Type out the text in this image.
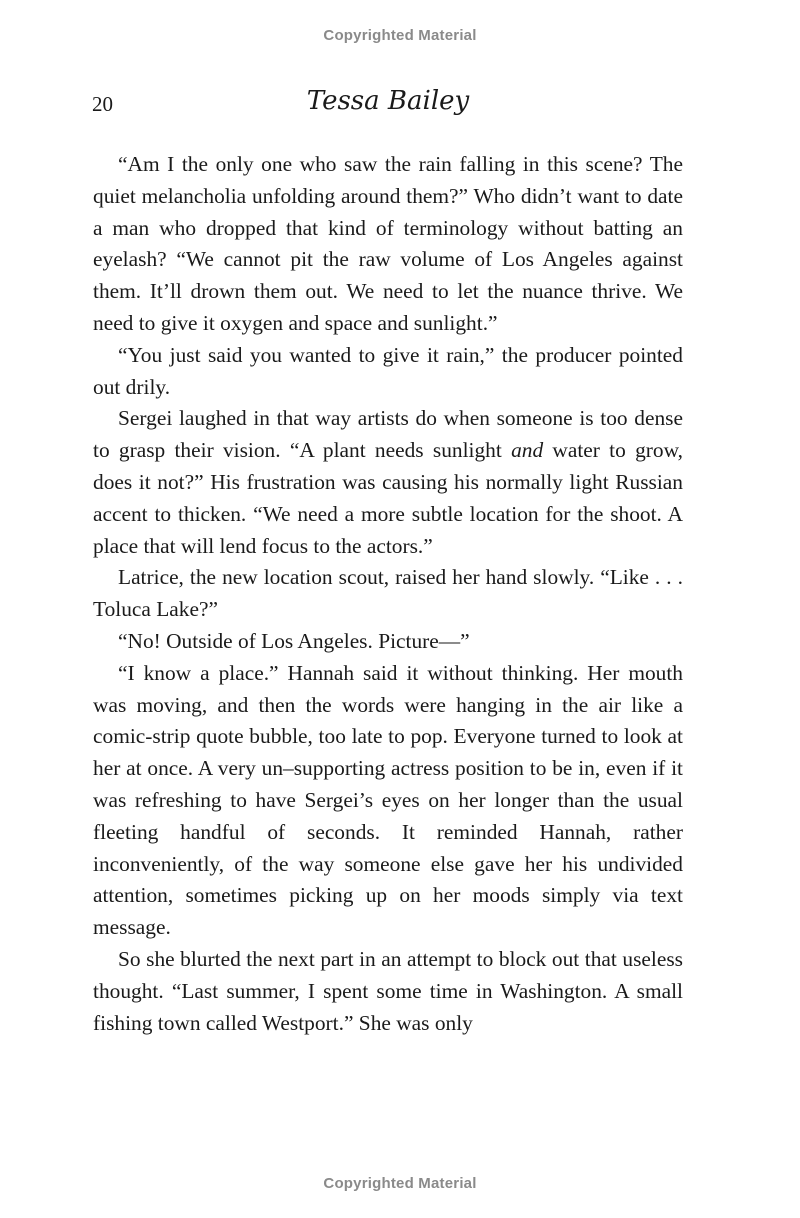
Copyrighted Material
20	Tessa Bailey

“Am I the only one who saw the rain falling in this scene? The quiet melancholia unfolding around them?” Who didn’t want to date a man who dropped that kind of terminology without batting an eyelash? “We cannot pit the raw volume of Los Angeles against them. It’ll drown them out. We need to let the nuance thrive. We need to give it oxygen and space and sunlight.”

“You just said you wanted to give it rain,” the producer pointed out drily.

Sergei laughed in that way artists do when someone is too dense to grasp their vision. “A plant needs sunlight and water to grow, does it not?” His frustration was causing his normally light Russian accent to thicken. “We need a more subtle location for the shoot. A place that will lend focus to the actors.”

Latrice, the new location scout, raised her hand slowly. “Like . . . Toluca Lake?”

“No! Outside of Los Angeles. Picture—”

“I know a place.” Hannah said it without thinking. Her mouth was moving, and then the words were hanging in the air like a comic-strip quote bubble, too late to pop. Everyone turned to look at her at once. A very un–supporting actress position to be in, even if it was refreshing to have Sergei’s eyes on her longer than the usual fleeting handful of seconds. It reminded Hannah, rather inconveniently, of the way someone else gave her his undivided attention, sometimes picking up on her moods simply via text message.

So she blurted the next part in an attempt to block out that useless thought. “Last summer, I spent some time in Washington. A small fishing town called Westport.” She was only

Copyrighted Material
